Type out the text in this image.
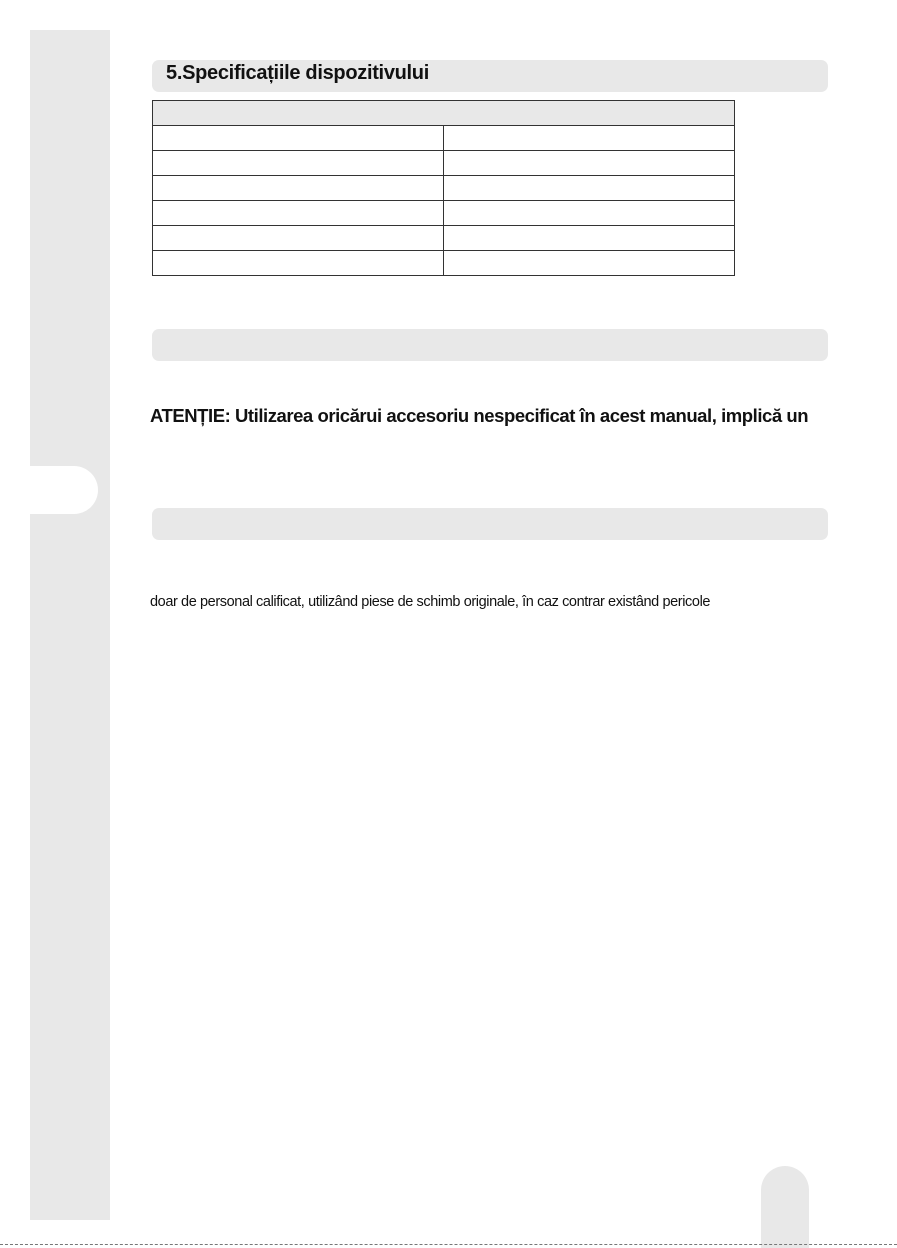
5.Specificațiile dispozitivului

ATENȚIE: Utilizarea oricărui accesoriu nespecificat în acest manual, implică un
doar de personal calificat, utilizând piese de schimb originale, în caz contrar existând pericole
